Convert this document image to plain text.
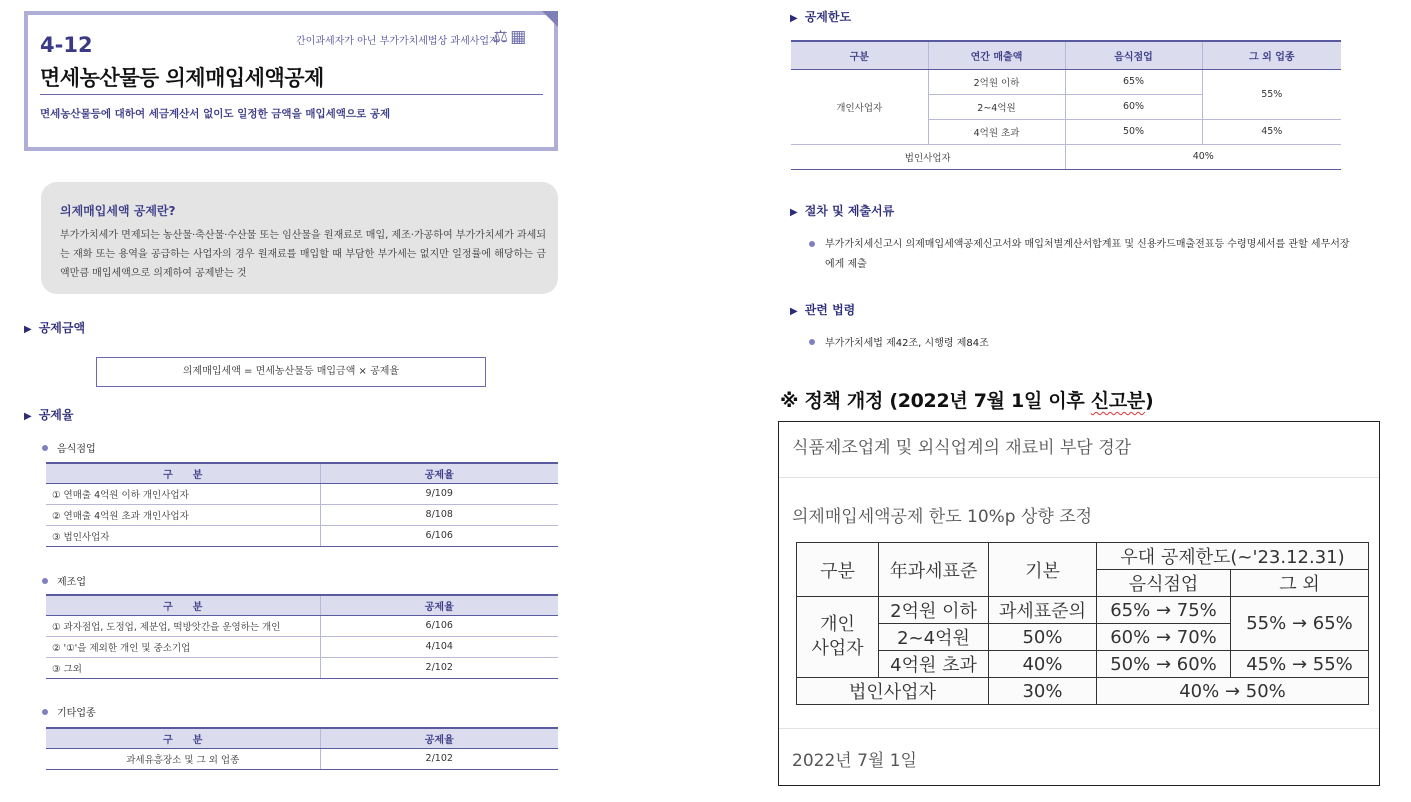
4-12	간이과세자가 아닌 부가가치세법상 과세사업자
⚖▦
면세농산물등 의제매입세액공제
면세농산물등에 대하여 세금계산서 없이도 일정한 금액을 매입세액으로 공제
의제매입세액 공제란?
부가가치세가 면제되는 농산물·축산물·수산물 또는 임산물을 원재료로 매입, 제조·가공하여 부가가치세가 과세되는 재화 또는 용역을 공급하는 사업자의 경우 원재료를 매입할 때 부담한 부가세는 없지만 일정률에 해당하는 금액만큼 매입세액으로 의제하여 공제받는 것
▶ 공제금액
의제매입세액 = 면세농산물등 매입금액 × 공제율
▶ 공제율
음식점업
구　　분	공제율
① 연매출 4억원 이하 개인사업자	9/109
② 연매출 4억원 초과 개인사업자	8/108
③ 법인사업자	6/106
제조업
구　　분	공제율
① 과자점업, 도정업, 제분업, 떡방앗간을 운영하는 개인	6/106
② '①'을 제외한 개인 및 중소기업	4/104
③ 그외	2/102
기타업종
구　　분	공제율
과세유흥장소 및 그 외 업종	2/102
▶ 공제한도
구분	연간 매출액	음식점업	그 외 업종
개인사업자	2억원 이하	65%	55%
	2~4억원	60%	
	4억원 초과	50%	45%
법인사업자		40%	
▶ 절차 및 제출서류
부가가치세신고시 의제매입세액공제신고서와 매입처별계산서합계표 및 신용카드매출전표등 수령명세서를 관할 세무서장에게 제출
▶ 관련 법령
부가가치세법 제42조, 시행령 제84조
※ 정책 개정 (2022년 7월 1일 이후 신고분)
식품제조업계 및 외식업계의 재료비 부담 경감
의제매입세액공제 한도 10%p 상향 조정
구분	年과세표준	기본	우대 공제한도(~'23.12.31)	
			음식점업	그 외
개인
사업자	2억원 이하	과세표준의	65% → 75%	55% → 65%
	2~4억원	50%	60% → 70%	
	4억원 초과	40%	50% → 60%	45% → 55%
법인사업자		30%	40% → 50%	
2022년 7월 1일
